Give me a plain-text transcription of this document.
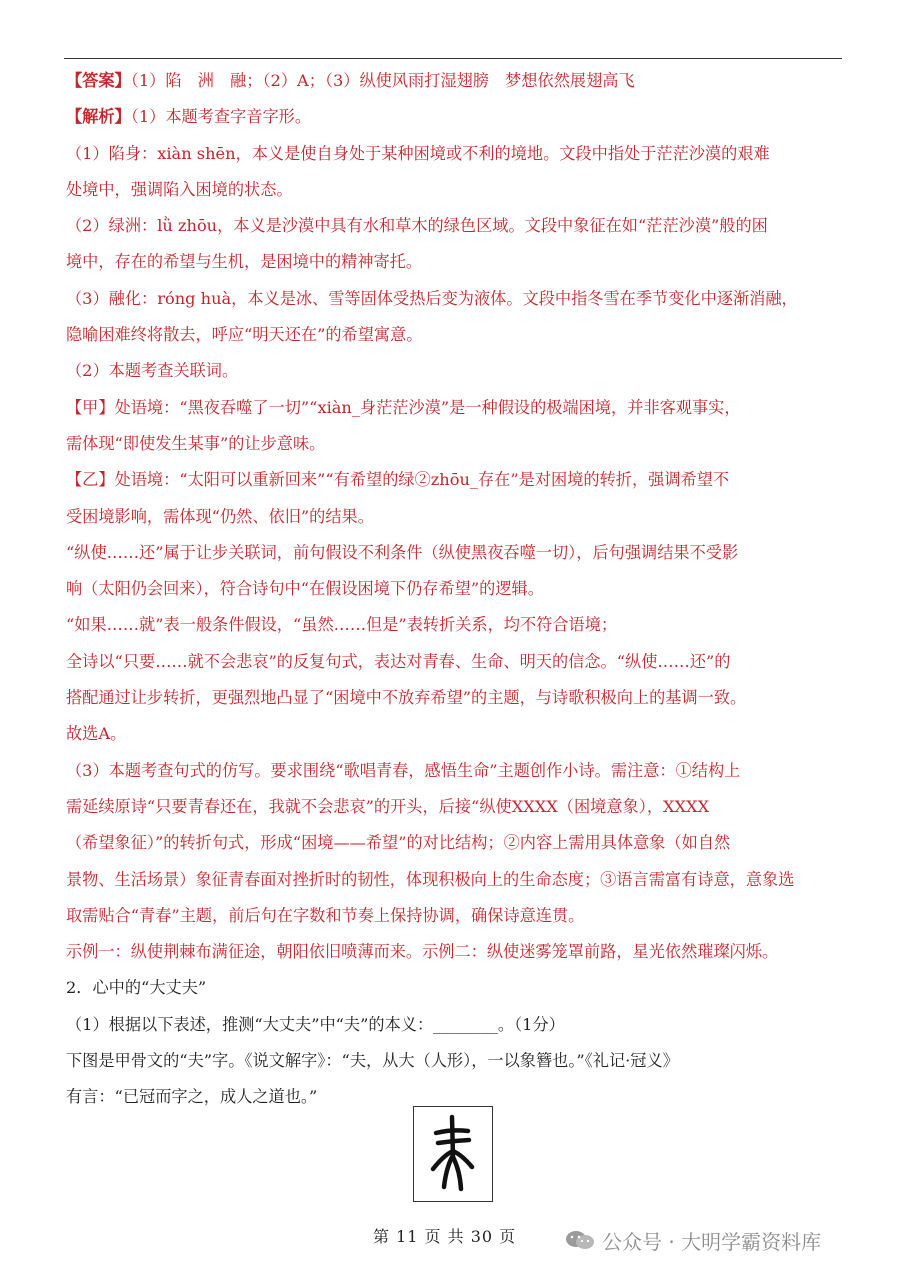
【答案】（1）陷　洲　融；（2）A；（3）纵使风雨打湿翅膀　梦想依然展翅高飞
【解析】（1）本题考查字音字形。
（1）陷身：xiàn shēn，本义是使自身处于某种困境或不利的境地。文段中指处于茫茫沙漠的艰难
处境中，强调陷入困境的状态。
（2）绿洲：lǜ zhōu，本义是沙漠中具有水和草木的绿色区域。文段中象征在如“茫茫沙漠”般的困
境中，存在的希望与生机，是困境中的精神寄托。
（3）融化：róng huà，本义是冰、雪等固体受热后变为液体。文段中指冬雪在季节变化中逐渐消融，
隐喻困难终将散去，呼应“明天还在”的希望寓意。
（2）本题考查关联词。
【甲】处语境：“黑夜吞噬了一切”“xiàn_身茫茫沙漠”是一种假设的极端困境，并非客观事实，
需体现“即使发生某事”的让步意味。
【乙】处语境：“太阳可以重新回来”“有希望的绿②zhōu_存在”是对困境的转折，强调希望不
受困境影响，需体现“仍然、依旧”的结果。
“纵使……还”属于让步关联词，前句假设不利条件（纵使黑夜吞噬一切），后句强调结果不受影
响（太阳仍会回来），符合诗句中“在假设困境下仍存希望”的逻辑。
“如果……就”表一般条件假设，“虽然……但是”表转折关系，均不符合语境；
全诗以“只要……就不会悲哀”的反复句式，表达对青春、生命、明天的信念。“纵使……还”的
搭配通过让步转折，更强烈地凸显了“困境中不放弃希望”的主题，与诗歌积极向上的基调一致。
故选A。
（3）本题考查句式的仿写。要求围绕“歌唱青春，感悟生命”主题创作小诗。需注意：①结构上
需延续原诗“只要青春还在，我就不会悲哀”的开头，后接“纵使XXXX（困境意象），XXXX
（希望象征）”的转折句式，形成“困境——希望”的对比结构；②内容上需用具体意象（如自然
景物、生活场景）象征青春面对挫折时的韧性，体现积极向上的生命态度；③语言需富有诗意，意象选
取需贴合“青春”主题，前后句在字数和节奏上保持协调，确保诗意连贯。
示例一：纵使荆棘布满征途，朝阳依旧喷薄而来。示例二：纵使迷雾笼罩前路，星光依然璀璨闪烁。
2．心中的“大丈夫”
（1）根据以下表述，推测“大丈夫”中“夫”的本义：________。（1分）
下图是甲骨文的“夫”字。《说文解字》：“夫，从大（人形），一以象簪也。”《礼记·冠义》
有言：“已冠而字之，成人之道也。”
第 11 页 共 30 页	公众号 · 大明学霸资料库
